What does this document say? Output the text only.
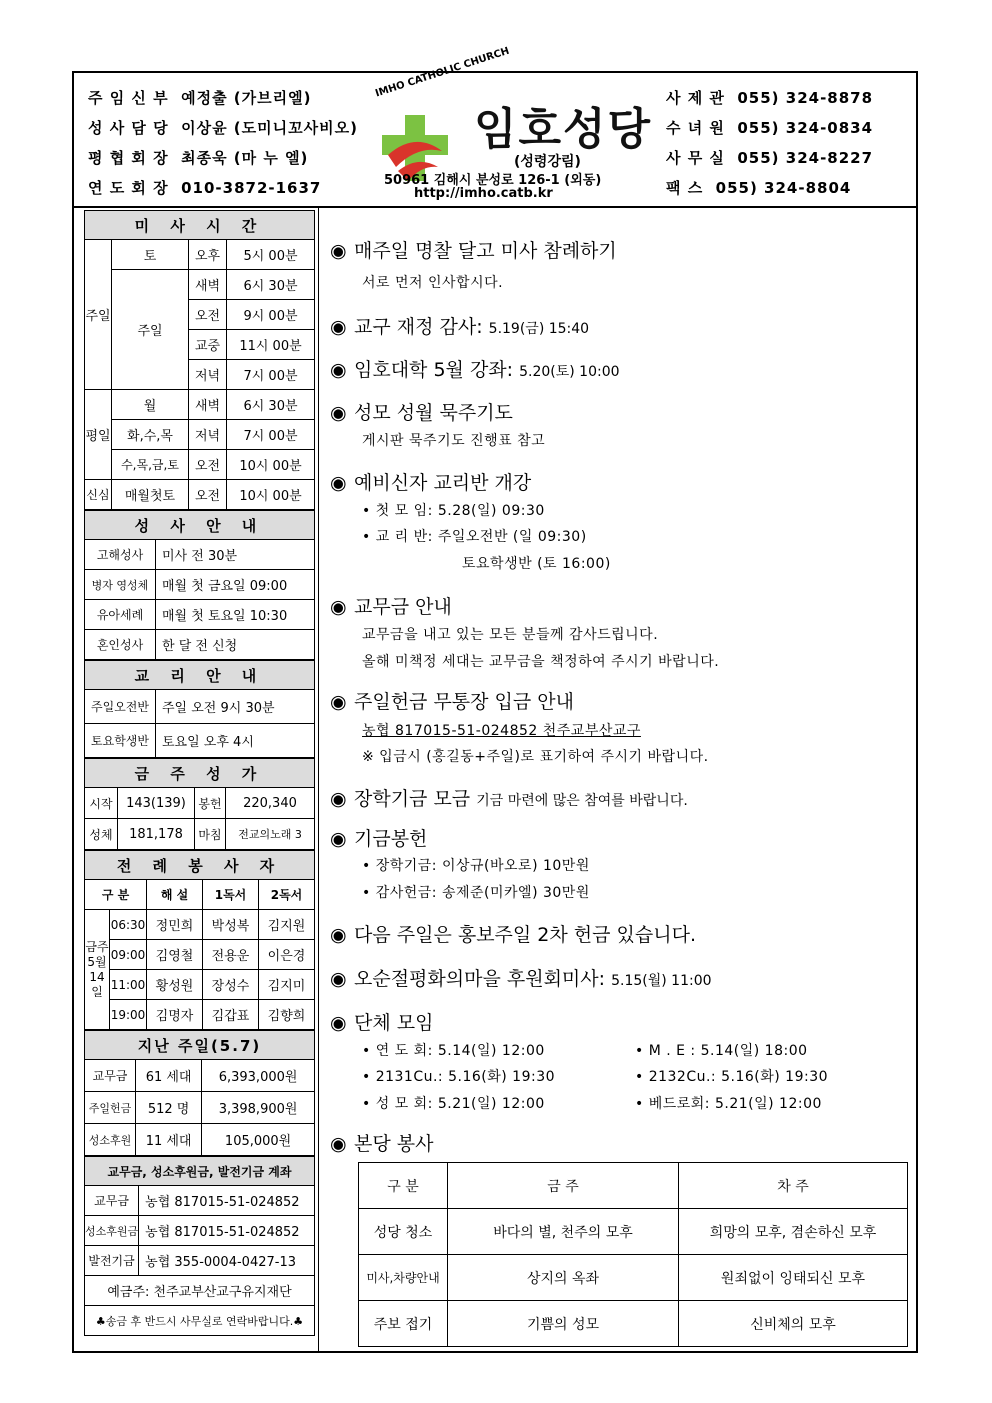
주 임 신 부 예정출 (가브리엘)
성 사 담 당 이상윤 (도미니꼬사비오)
평 협 회 장 최종욱 (마 누 엘)
연 도 회 장 010-3872-1637
IMHO CATHOLIC CHURCH
임호성당
(성령강림)
50961 김해시 분성로 126-1 (외동)
http://imho.catb.kr
사 제 관 055) 324-8878
수 녀 원 055) 324-0834
사 무 실 055) 324-8227
팩 스 055) 324-8804
미 사 시 간			
주일	토	오후	5시 00분
	주일	새벽	6시 30분
		오전	9시 00분
		교중	11시 00분
		저녁	7시 00분
평일	월	새벽	6시 30분
	화,수,목	저녁	7시 00분
	수,목,금,토	오전	10시 00분
신심	매월첫토	오전	10시 00분
성 사 안 내	
고해성사	미사 전 30분
병자 영성체	매월 첫 금요일 09:00
유아세례	매월 첫 토요일 10:30
혼인성사	한 달 전 신청
교 리 안 내	
주일오전반	주일 오전 9시 30분
토요학생반	토요일 오후 4시
금 주 성 가			
시작	143(139)	봉헌	220,340
성체	181,178	마침	전교의노래 3
전 례 봉 사 자				
구 분		해 설	1독서	2독서
금주 5월 14일	06:30	정민희	박성복	김지원
	09:00	김영철	전용운	이은경
	11:00	황성원	장성수	김지미
	19:00	김명자	김갑표	김향희
지난 주일(5.7)		
교무금	61 세대	6,393,000원
주일헌금	512 명	3,398,900원
성소후원	11 세대	105,000원
교무금, 성소후원금, 발전기금 계좌	
교무금	농협 817015-51-024852
성소후원금	농협 817015-51-024852
발전기금	농협 355-0004-0427-13
예금주: 천주교부산교구유지재단	
♣송금 후 반드시 사무실로 연락바랍니다.♣	
◉ 매주일 명찰 달고 미사 참례하기
서로 먼저 인사합시다.
◉ 교구 재정 감사: 5.19(금) 15:40
◉ 임호대학 5월 강좌: 5.20(토) 10:00
◉ 성모 성월 묵주기도
게시판 묵주기도 진행표 참고
◉ 예비신자 교리반 개강
• 첫 모 임: 5.28(일) 09:30
• 교 리 반: 주일오전반 (일 09:30)
토요학생반 (토 16:00)
◉ 교무금 안내
교무금을 내고 있는 모든 분들께 감사드립니다.
올해 미책정 세대는 교무금을 책정하여 주시기 바랍니다.
◉ 주일헌금 무통장 입금 안내
농협 817015-51-024852 천주교부산교구
※ 입금시 (홍길동+주일)로 표기하여 주시기 바랍니다.
◉ 장학기금 모금 기금 마련에 많은 참여를 바랍니다.
◉ 기금봉헌
• 장학기금: 이상규(바오로) 10만원
• 감사헌금: 송제준(미카엘) 30만원
◉ 다음 주일은 홍보주일 2차 헌금 있습니다.
◉ 오순절평화의마을 후원회미사: 5.15(월) 11:00
◉ 단체 모임
• 연 도 회: 5.14(일) 12:00	• M . E : 5.14(일) 18:00
• 2131Cu.: 5.16(화) 19:30	• 2132Cu.: 5.16(화) 19:30
• 성 모 회: 5.21(일) 12:00	• 베드로회: 5.21(일) 12:00
◉ 본당 봉사
구 분	금 주	차 주
성당 청소	바다의 별, 천주의 모후	희망의 모후, 겸손하신 모후
미사,차량안내	상지의 옥좌	원죄없이 잉태되신 모후
주보 접기	기쁨의 성모	신비체의 모후
